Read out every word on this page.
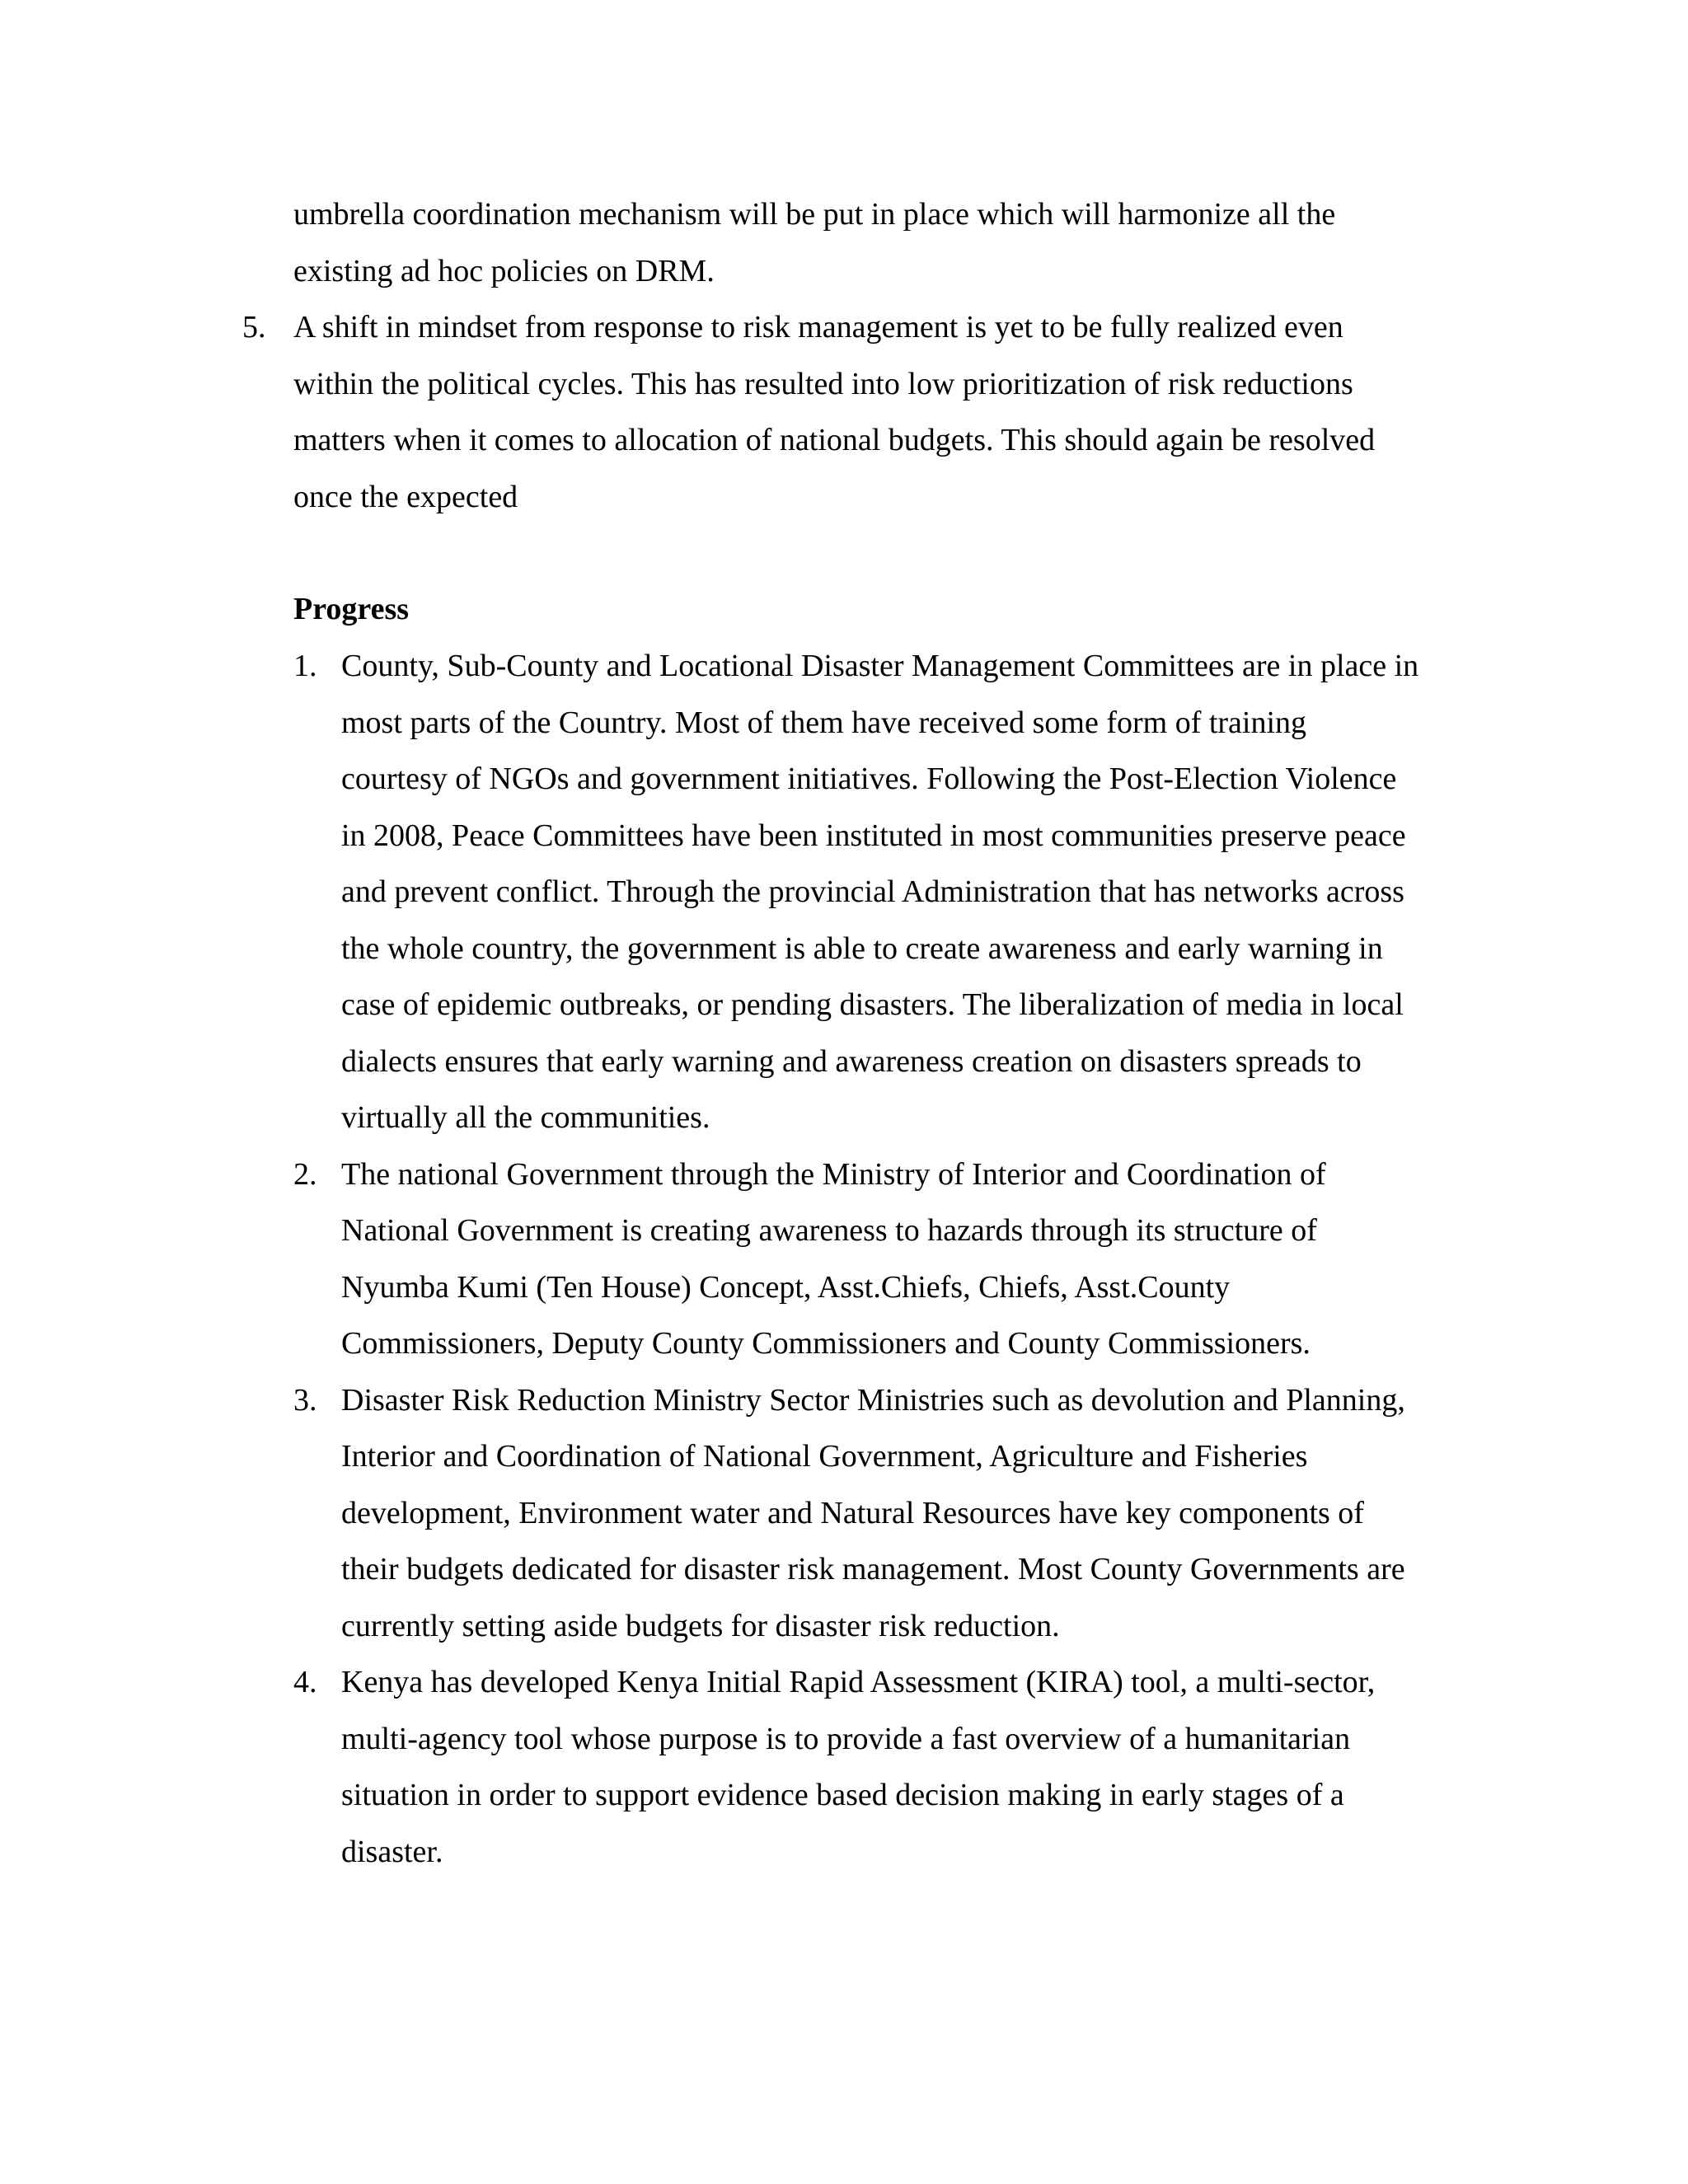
umbrella coordination mechanism will be put in place which will harmonize all the
existing ad hoc policies on DRM.
5. A shift in mindset from response to risk management is yet to be fully realized even
within the political cycles. This has resulted into low prioritization of risk reductions
matters when it comes to allocation of national budgets. This should again be resolved
once the expected
Progress
1. County, Sub-County and Locational Disaster Management Committees are in place in
most parts of the Country. Most of them have received some form of training
courtesy of NGOs and government initiatives. Following the Post-Election Violence
in 2008, Peace Committees have been instituted in most communities preserve peace
and prevent conflict. Through the provincial Administration that has networks across
the whole country, the government is able to create awareness and early warning in
case of epidemic outbreaks, or pending disasters. The liberalization of media in local
dialects ensures that early warning and awareness creation on disasters spreads to
virtually all the communities.
2. The national Government through the Ministry of Interior and Coordination of
National Government is creating awareness to hazards through its structure of
Nyumba Kumi (Ten House) Concept, Asst.Chiefs, Chiefs, Asst.County
Commissioners, Deputy County Commissioners and County Commissioners.
3. Disaster Risk Reduction Ministry Sector Ministries such as devolution and Planning,
Interior and Coordination of National Government, Agriculture and Fisheries
development, Environment water and Natural Resources have key components of
their budgets dedicated for disaster risk management. Most County Governments are
currently setting aside budgets for disaster risk reduction.
4. Kenya has developed Kenya Initial Rapid Assessment (KIRA) tool, a multi-sector,
multi-agency tool whose purpose is to provide a fast overview of a humanitarian
situation in order to support evidence based decision making in early stages of a
disaster.
